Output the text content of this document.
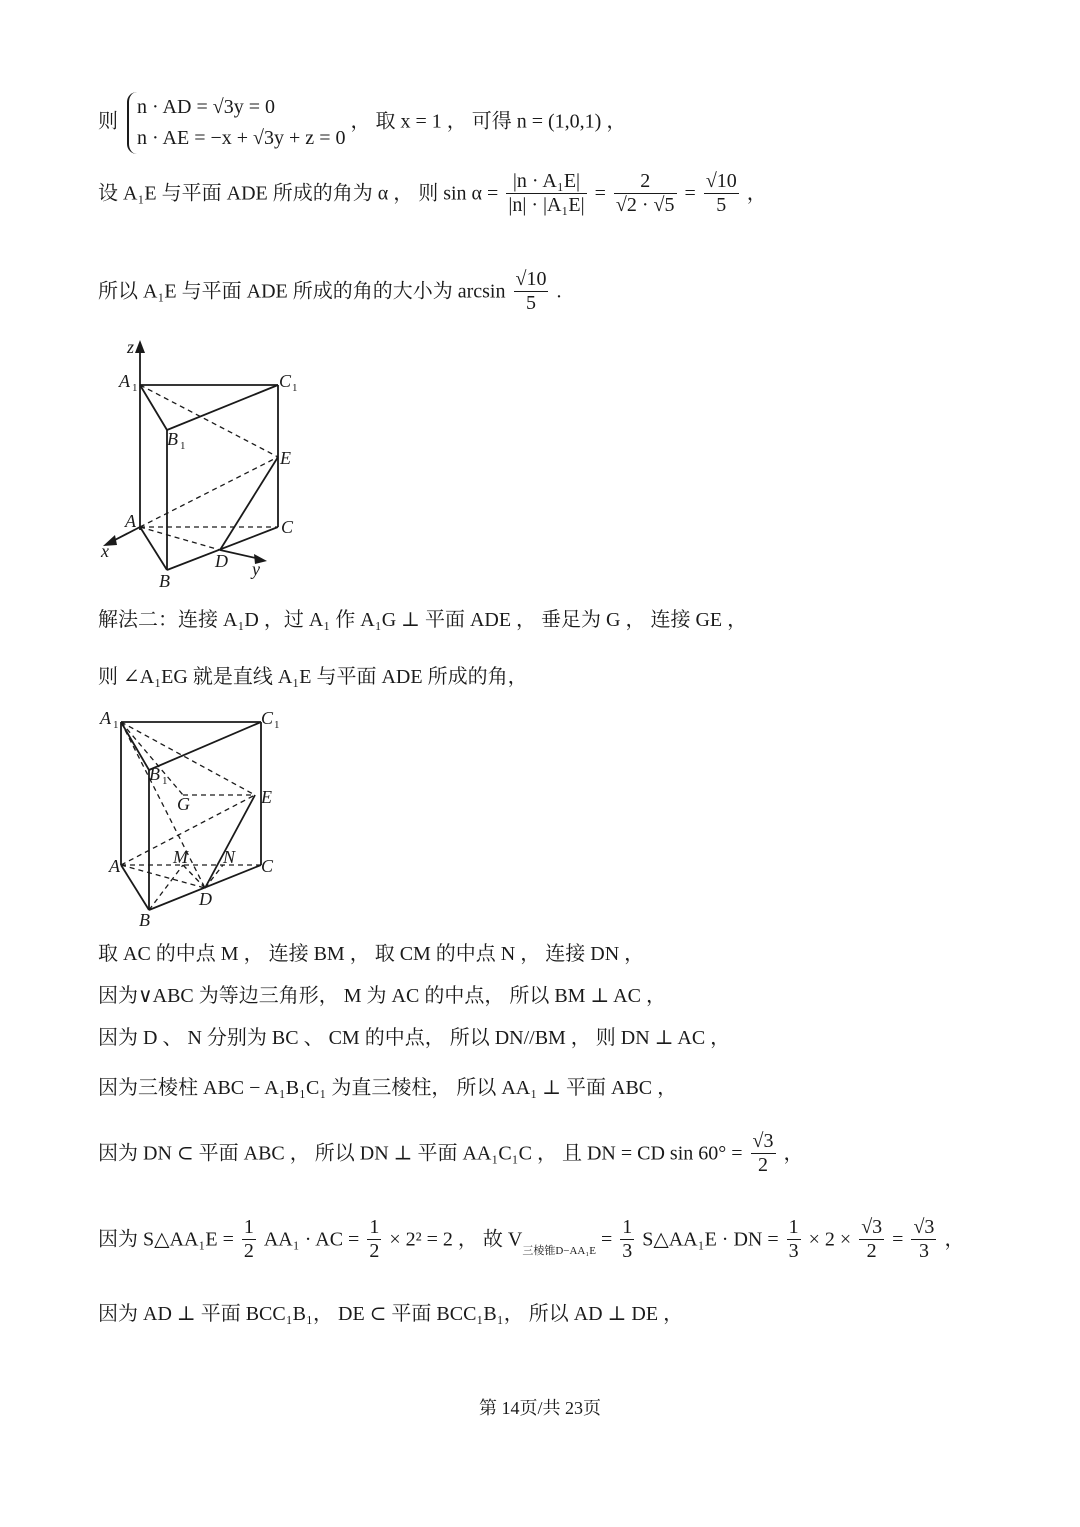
则
n · AD = √3y = 0
n · AE = −x + √3y + z = 0
， 取 x = 1 ， 可得 n = (1,0,1) ，
设 A₁E 与平面 ADE 所成的角为 α ， 则 $\sin \alpha = \frac{\text{|n · A₁E|}}{\text{|n| · |A₁E|}} = \frac{2}{√2 \cdot √5} = \frac{√10}{5}$ ，
所以 A₁E 与平面 ADE 所成的角的大小为 $\arcsin \frac{√10}{5}$ .
z
A 1	C 1
B 1
E
A	C
x	D y
B
解法二：连接 A₁D ，过 A₁ 作 A₁G ⊥ 平面 ADE ， 垂足为 G ， 连接 GE ，
则 ∠A₁EG 就是直线 A₁E 与平面 ADE 所成的角，
A 1	C 1
B 1
G	E
A	M N C
D
B
取 AC 的中点 M ， 连接 BM ， 取 CM 的中点 N ， 连接 DN ，
因为∨ABC 为等边三角形， M 为 AC 的中点， 所以 BM ⊥ AC ，
因为 D 、 N 分别为 BC 、 CM 的中点， 所以 DN//BM ， 则 DN ⊥ AC ，
因为三棱柱 ABC − A₁B₁C₁ 为直三棱柱， 所以 AA₁ ⊥ 平面 ABC ，
因为 DN ⊂ 平面 ABC ， 所以 DN ⊥ 平面 AA₁C₁C ， 且 DN = CD $\sin 60^\circ = \frac{√3}{2}$ ，
因为 S△AA₁E = $\frac{1}{2} AA_1$ · AC = $\frac{1}{2} \times 2^2 = 2$ ， 故 $V_{三棱锥D-AA_1E} = \frac{1}{3}$ S△AA₁E · DN = $\frac{1}{3} \times 2 \times \frac{√3}{2} = \frac{√3}{3}$ ，
因为 AD ⊥ 平面 BCC₁B₁， DE ⊂ 平面 BCC₁B₁， 所以 AD ⊥ DE ，
第 14页/共 23页
